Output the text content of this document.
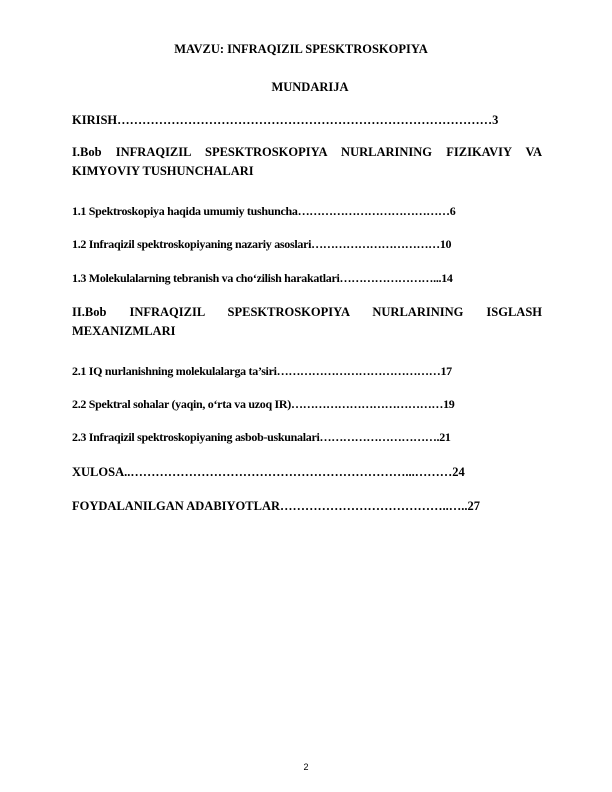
MAVZU: INFRAQIZIL SPESKTROSKOPIYA
MUNDARIJA
KIRISH………………………………………………………………………………3
I.Bob INFRAQIZIL SPESKTROSKOPIYA NURLARINING FIZIKAVIY VA KIMYOVIY TUSHUNCHALARI
1.1 Spektroskopiya haqida umumiy tushuncha…………………………………6
1.2 Infraqizil spektroskopiyaning nazariy asoslari……………………………10
1.3 Molekulalarning tebranish va cho‘zilish harakatlari……………………...14
II.Bob INFRAQIZIL SPESKTROSKOPIYA NURLARINING ISGLASH MEXANIZMLARI
2.1 IQ nurlanishning molekulalarga ta’siri……………………………………17
2.2 Spektral sohalar (yaqin, o‘rta va uzoq IR)…………………………………19
2.3 Infraqizil spektroskopiyaning asbob-uskunalari………………………….21
XULOSA..…………………………………………………………...………24
FOYDALANILGAN ADABIYOTLAR…………………………………..…..27
2
